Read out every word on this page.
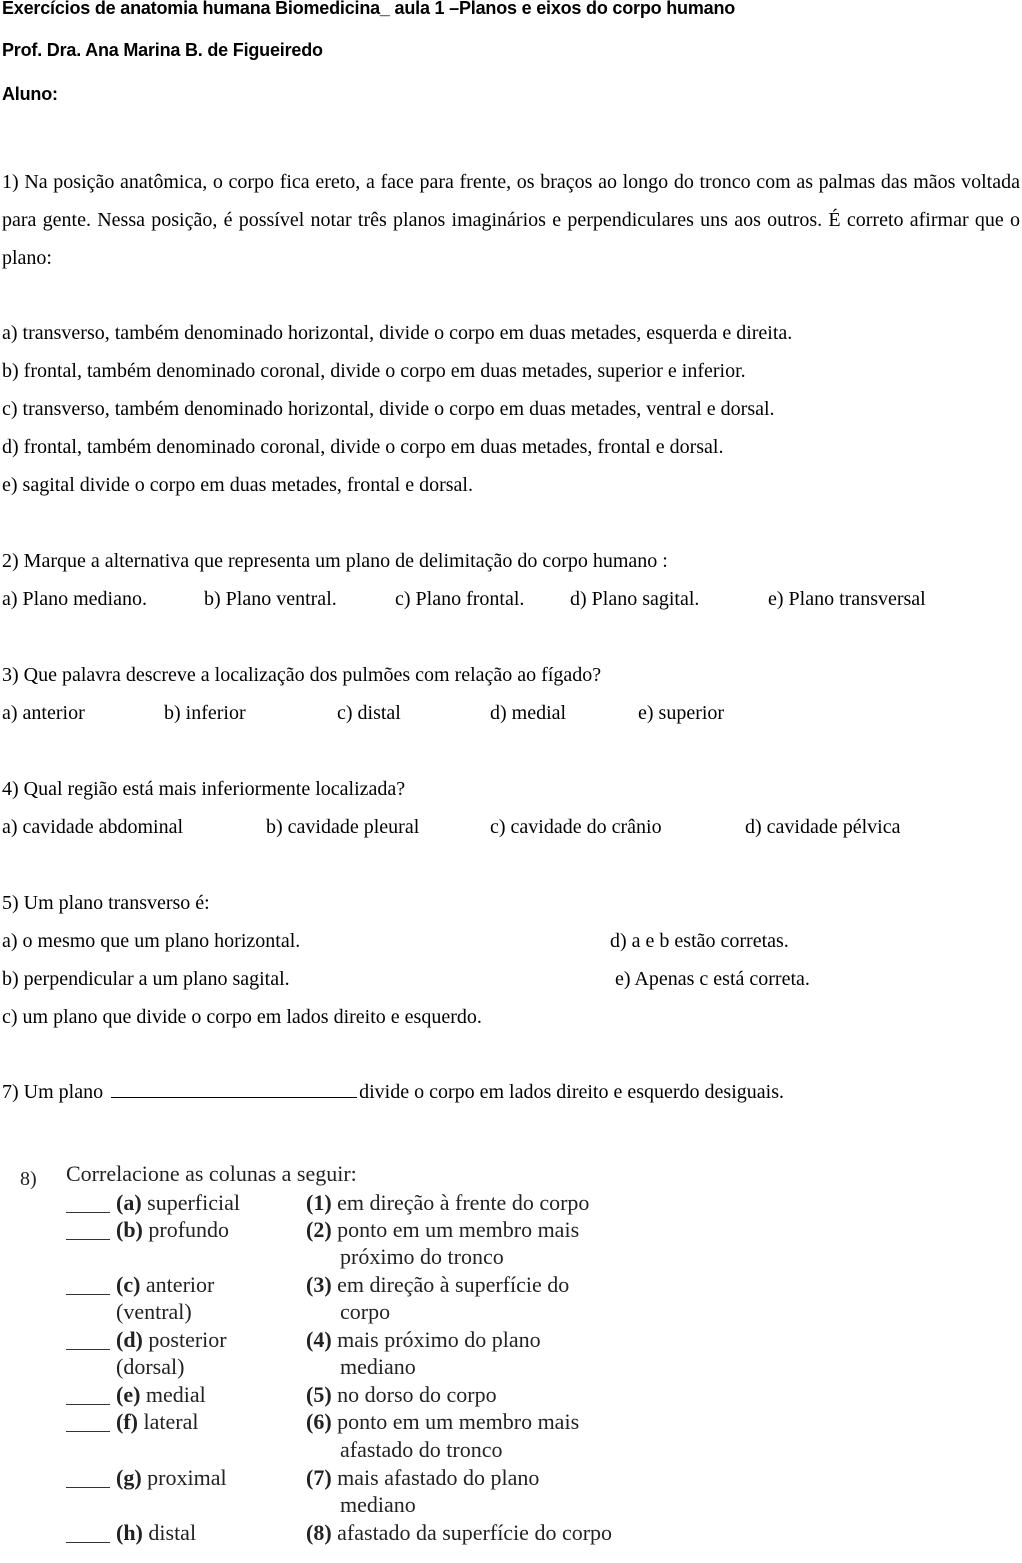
Exercícios de anatomia humana Biomedicina_ aula 1 –Planos e eixos do corpo humano
Prof. Dra. Ana Marina B. de Figueiredo
Aluno:
1) Na posição anatômica, o corpo fica ereto, a face para frente, os braços ao longo do tronco com as palmas das mãos voltada para gente. Nessa posição, é possível notar três planos imaginários e perpendiculares uns aos outros. É correto afirmar que o plano:
a) transverso, também denominado horizontal, divide o corpo em duas metades, esquerda e direita.
b) frontal, também denominado coronal, divide o corpo em duas metades, superior e inferior.
c) transverso, também denominado horizontal, divide o corpo em duas metades, ventral e dorsal.
d) frontal, também denominado coronal, divide o corpo em duas metades, frontal e dorsal.
e) sagital divide o corpo em duas metades, frontal e dorsal.
2) Marque a alternativa que representa um plano de delimitação do corpo humano :
a) Plano mediano.	b) Plano ventral.	c) Plano frontal. d) Plano sagital.	e) Plano transversal
3) Que palavra descreve a localização dos pulmões com relação ao fígado?
a) anterior	b) inferior	c) distal	d) medial	e) superior
4) Qual região está mais inferiormente localizada?
a) cavidade abdominal	b) cavidade pleural	c) cavidade do crânio	d) cavidade pélvica
5) Um plano transverso é:
a) o mesmo que um plano horizontal.
b) perpendicular a um plano sagital.
c) um plano que divide o corpo em lados direito e esquerdo.
d) a e b estão corretas.
e) Apenas c está correta.
7) Um plano	divide o corpo em lados direito e esquerdo desiguais.
8) Correlacione as colunas a seguir:
(a) superficial	(1) em direção à frente do corpo
(b) profundo	(2) ponto em um membro mais
próximo do tronco
(c) anterior	(3) em direção à superfície do
(ventral)	corpo
(d) posterior	(4) mais próximo do plano
(dorsal)	mediano
(e) medial	(5) no dorso do corpo
(f) lateral	(6) ponto em um membro mais
afastado do tronco
(g) proximal	(7) mais afastado do plano
mediano
(h) distal	(8) afastado da superfície do corpo
